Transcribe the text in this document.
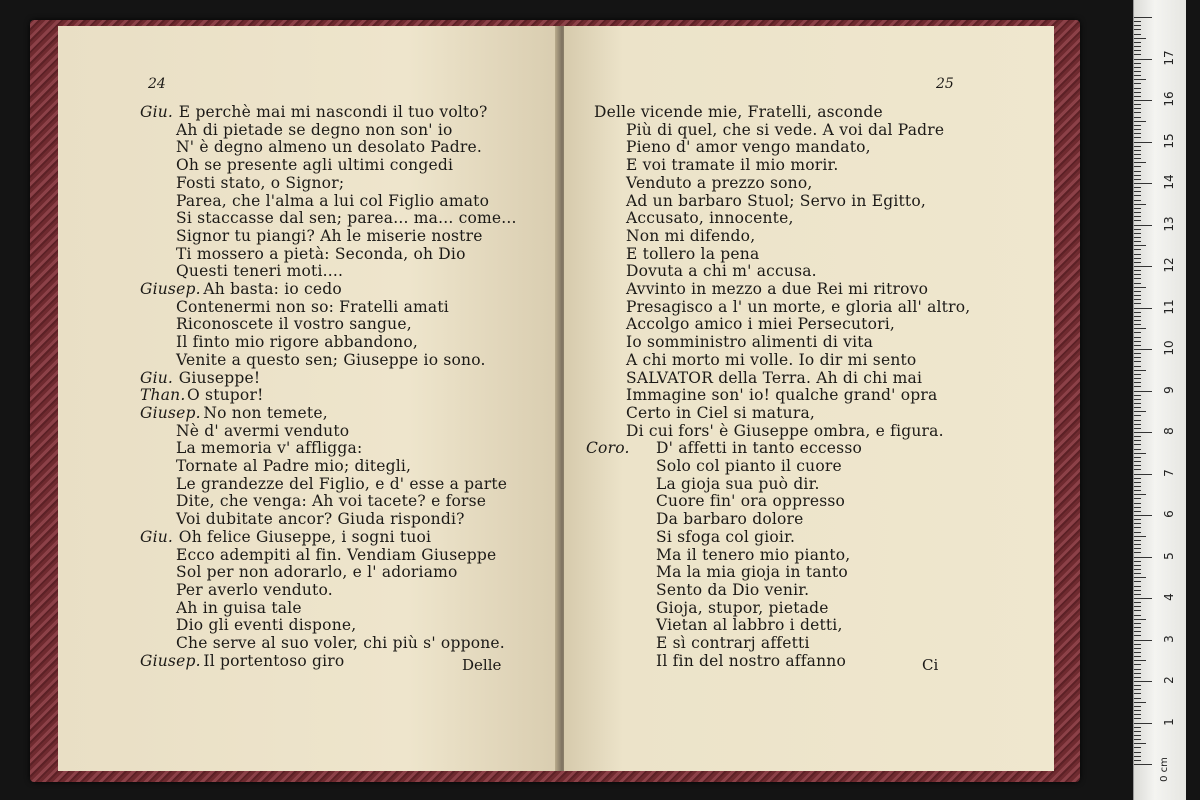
24
Giu. E perchè mai mi nascondi il tuo volto?
Ah di pietade se degno non son' io
N' è degno almeno un desolato Padre.
Oh se presente agli ultimi congedi
Fosti stato, o Signor;
Parea, che l'alma a lui col Figlio amato
Si staccasse dal sen; parea... ma... come...
Signor tu piangi? Ah le miserie nostre
Ti mossero a pietà: Seconda, oh Dio
Questi teneri moti....
Giusep. Ah basta: io cedo
Contenermi non so: Fratelli amati
Riconoscete il vostro sangue,
Il finto mio rigore abbandono,
Venite a questo sen; Giuseppe io sono.
Giu. Giuseppe!
Than. O stupor!
Giusep. No non temete,
Nè d' avermi venduto
La memoria v' affligga:
Tornate al Padre mio; ditegli,
Le grandezze del Figlio, e d' esse a parte
Dite, che venga: Ah voi tacete? e forse
Voi dubitate ancor? Giuda rispondi?
Giu. Oh felice Giuseppe, i sogni tuoi
Ecco adempiti al fin. Vendiam Giuseppe
Sol per non adorarlo, e l' adoriamo
Per averlo venduto.
Ah in guisa tale
Dio gli eventi dispone,
Che serve al suo voler, chi più s' oppone.
Giusep. Il portentoso giro	Delle
25
Delle vicende mie, Fratelli, asconde
Più di quel, che si vede. A voi dal Padre
Pieno d' amor vengo mandato,
E voi tramate il mio morir.
Venduto a prezzo sono,
Ad un barbaro Stuol; Servo in Egitto,
Accusato, innocente,
Non mi difendo,
E tollero la pena
Dovuta a chi m' accusa.
Avvinto in mezzo a due Rei mi ritrovo
Presagisco a l' un morte, e gloria all' altro,
Accolgo amico i miei Persecutori,
Io somministro alimenti di vita
A chi morto mi volle. Io dir mi sento
SALVATOR della Terra. Ah di chi mai
Immagine son' io! qualche grand' opra
Certo in Ciel si matura,
Di cui fors' è Giuseppe ombra, e figura.
Coro. D' affetti in tanto eccesso
Solo col pianto il cuore
La gioja sua può dir.
Cuore fin' ora oppresso
Da barbaro dolore
Si sfoga col gioir.
Ma il tenero mio pianto,
Ma la mia gioja in tanto
Sento da Dio venir.
Gioja, stupor, pietade
Vietan al labbro i detti,
E sì contrarj affetti
Il fin del nostro affanno	Ci
0 cm
1
2
3
4
5
6
7
8
9
10
11
12
13
14
15
16
17
